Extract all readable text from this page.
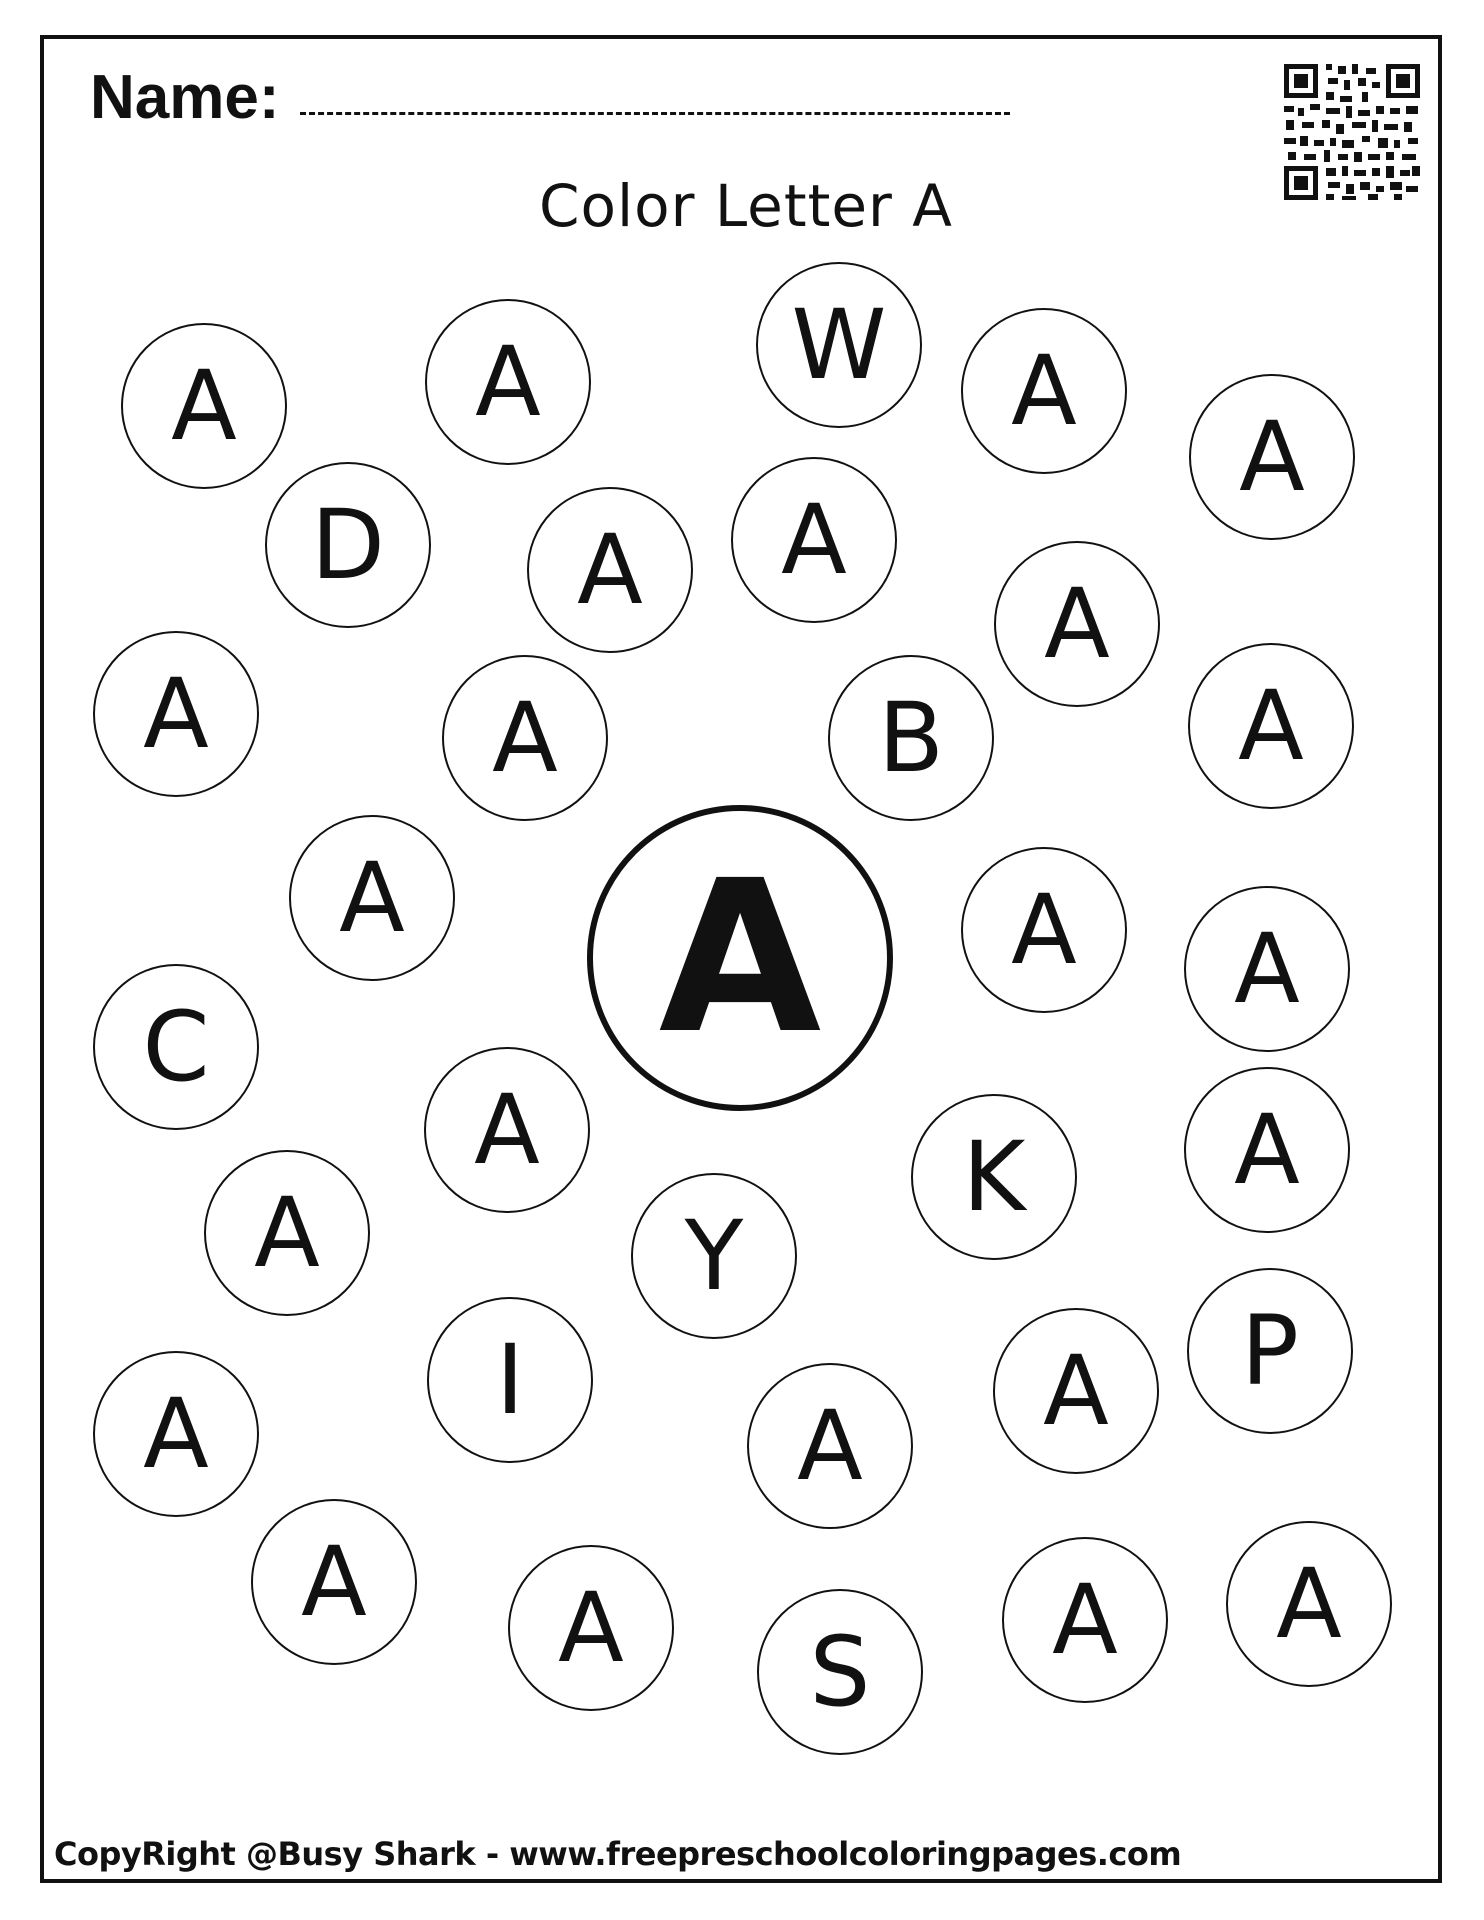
Name:
Color Letter A
A	A	W	A
A
D	A	A
A
A	A	B	A
A	A	A
C
A	A
K
A	Y
I	P
A
A	A
A	A	S	A	A
A
CopyRight @Busy Shark - www.freepreschoolcoloringpages.com
